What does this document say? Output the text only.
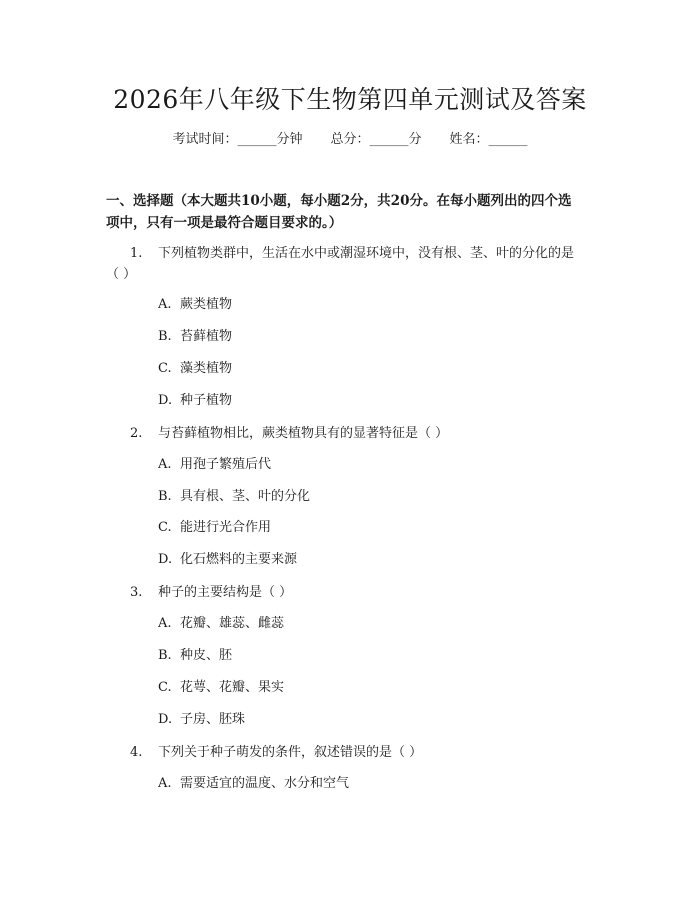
2026年八年级下生物第四单元测试及答案
考试时间：______分钟 总分：______分 姓名：______
一、选择题（本大题共10小题，每小题2分，共20分。在每小题列出的四个选
项中，只有一项是最符合题目要求的。）
1. 下列植物类群中，生活在水中或潮湿环境中，没有根、茎、叶的分化的是
（ ）
A. 蕨类植物
B. 苔藓植物
C. 藻类植物
D. 种子植物
2. 与苔藓植物相比，蕨类植物具有的显著特征是（ ）
A. 用孢子繁殖后代
B. 具有根、茎、叶的分化
C. 能进行光合作用
D. 化石燃料的主要来源
3. 种子的主要结构是（ ）
A. 花瓣、雄蕊、雌蕊
B. 种皮、胚
C. 花萼、花瓣、果实
D. 子房、胚珠
4. 下列关于种子萌发的条件，叙述错误的是（ ）
A. 需要适宜的温度、水分和空气
